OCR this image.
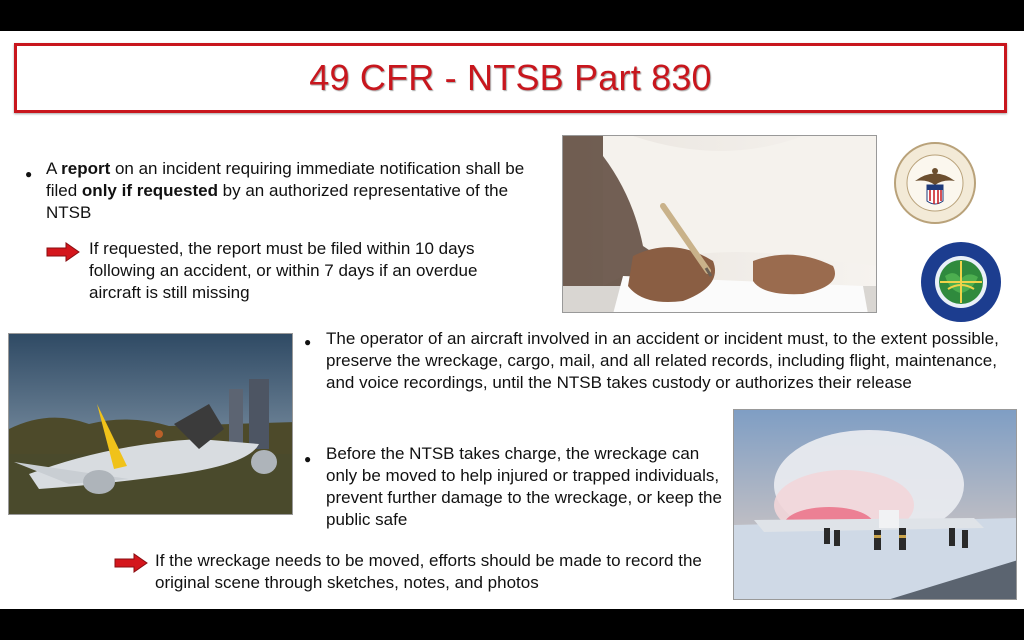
49 CFR - NTSB Part 830
● A report on an incident requiring immediate notification shall be filed only if requested by an authorized representative of the NTSB
If requested, the report must be filed within 10 days following an accident, or within 7 days if an overdue aircraft is still missing
● The operator of an aircraft involved in an accident or incident must, to the extent possible, preserve the wreckage, cargo, mail, and all related records, including flight, maintenance, and voice recordings, until the NTSB takes custody or authorizes their release
● Before the NTSB takes charge, the wreckage can only be moved to help injured or trapped individuals, prevent further damage to the wreckage, or keep the public safe
If the wreckage needs to be moved, efforts should be made to record the original scene through sketches, notes, and photos
